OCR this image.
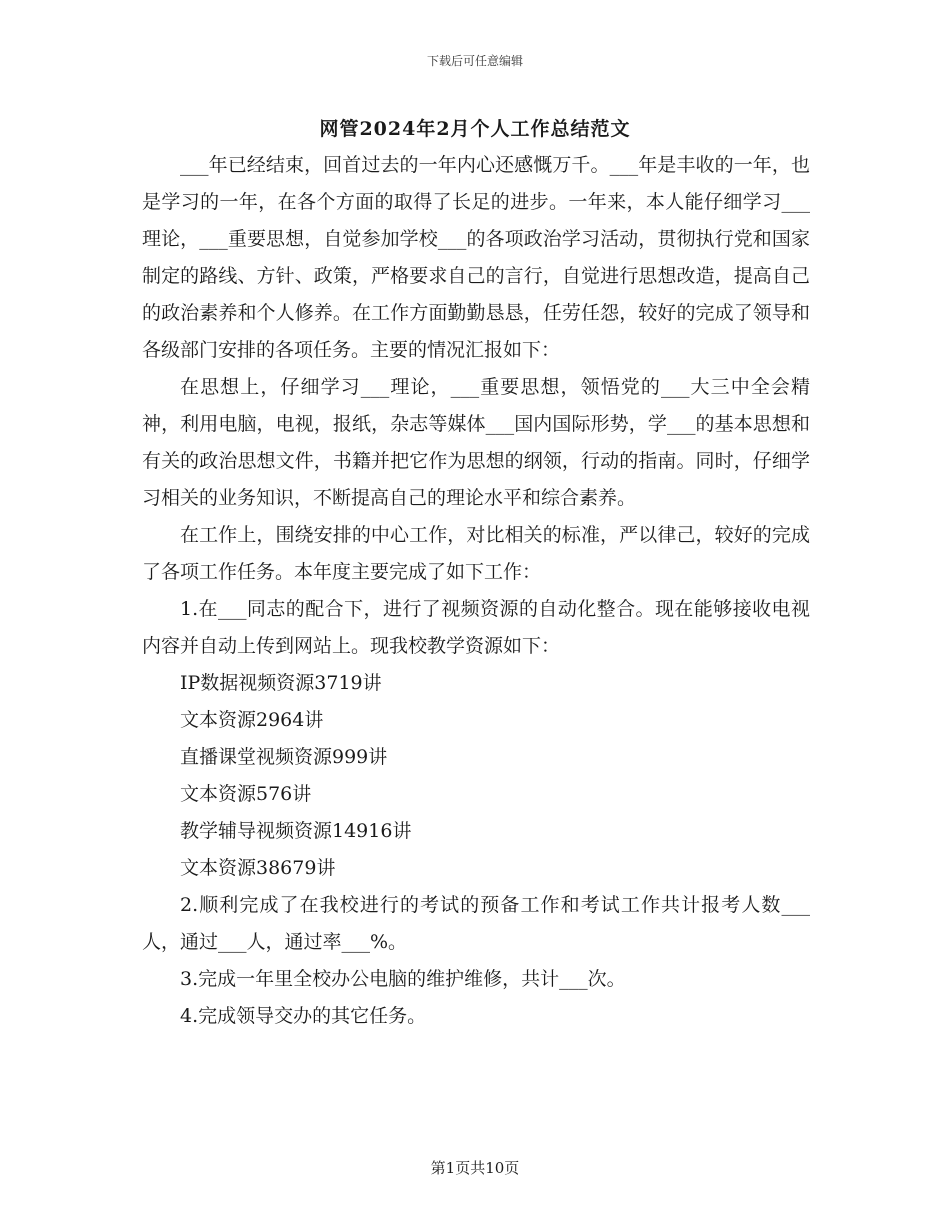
下载后可任意编辑
网管2024年2月个人工作总结范文

___年已经结束，回首过去的一年内心还感慨万千。___年是丰收的一年，也是学习的一年，在各个方面的取得了长足的进步。一年来，本人能仔细学习___理论，___重要思想，自觉参加学校___的各项政治学习活动，贯彻执行党和国家制定的路线、方针、政策，严格要求自己的言行，自觉进行思想改造，提高自己的政治素养和个人修养。在工作方面勤勤恳恳，任劳任怨，较好的完成了领导和各级部门安排的各项任务。主要的情况汇报如下：

在思想上，仔细学习___理论，___重要思想，领悟党的___大三中全会精神，利用电脑，电视，报纸，杂志等媒体___国内国际形势，学___的基本思想和有关的政治思想文件，书籍并把它作为思想的纲领，行动的指南。同时，仔细学习相关的业务知识，不断提高自己的理论水平和综合素养。

在工作上，围绕安排的中心工作，对比相关的标准，严以律己，较好的完成了各项工作任务。本年度主要完成了如下工作：

1.在___同志的配合下，进行了视频资源的自动化整合。现在能够接收电视内容并自动上传到网站上。现我校教学资源如下：

IP数据视频资源3719讲

文本资源2964讲

直播课堂视频资源999讲

文本资源576讲

教学辅导视频资源14916讲

文本资源38679讲

2.顺利完成了在我校进行的考试的预备工作和考试工作共计报考人数___人，通过___人，通过率___%。

3.完成一年里全校办公电脑的维护维修，共计___次。

4.完成领导交办的其它任务。

第1页共10页
